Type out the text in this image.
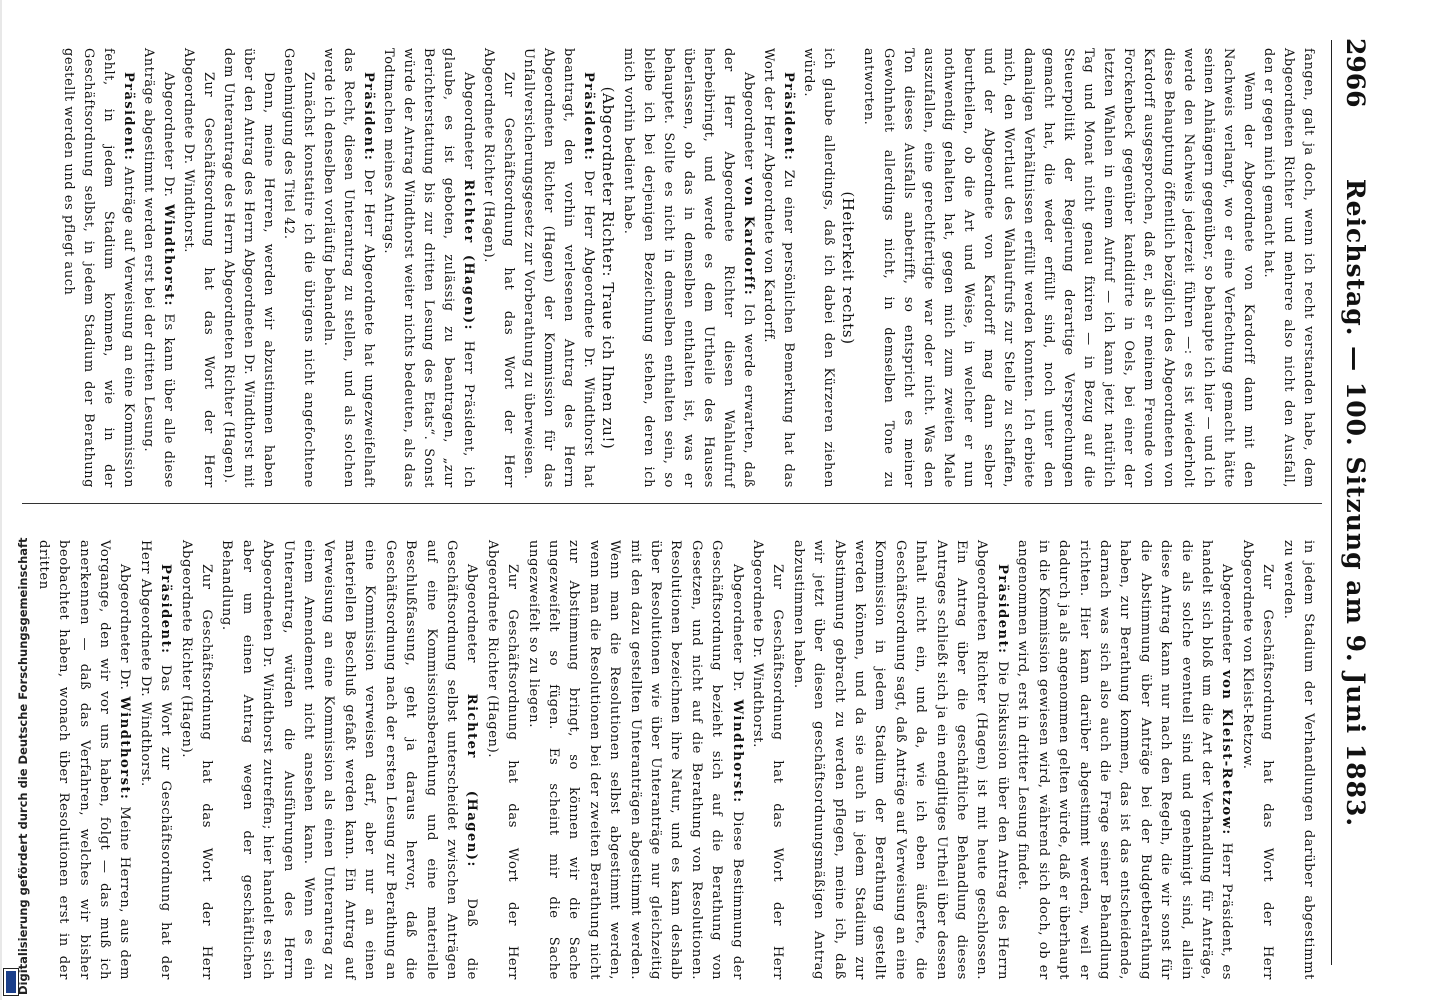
2966
Reichstag. — 100. Sitzung am 9. Juni 1883.

fangen, galt ja doch, wenn ich recht verstanden habe, dem Abgeordneten Richter und mehrere also nicht den Ausfall, den er gegen mich gemacht hat.

Wenn der Abgeordnete von Kardorff dann mit den Nachweis verlangt, wo er eine Verfechtung gemacht hätte seinen Anhängern gegenüber, so behaupte ich hier — und ich werde den Nachweis jederzeit führen —: es ist wiederholt diese Behauptung öffentlich bezüglich des Abgeordneten von Kardorff ausgesprochen, daß er, als er meinem Freunde von Forckenbeck gegenüber kandidirte in Oels, bei einer der letzten Wahlen in einem Aufruf — ich kann jetzt natürlich Tag und Monat nicht genau fixiren — in Bezug auf die Steuerpolitik der Regierung derartige Versprechungen gemacht hat, die weder erfüllt sind, noch unter den damaligen Verhältnissen erfüllt werden konnten. Ich erbiete mich, den Wortlaut des Wahlaufrufs zur Stelle zu schaffen, und der Abgeordnete von Kardorff mag dann selber beurtheilen, ob die Art und Weise, in welcher er nun nothwendig gehalten hat, gegen mich zum zweiten Male auszufallen, eine gerechtfertigte war oder nicht. Was den Ton dieses Ausfalls anbetrifft, so entspricht es meiner Gewohnheit allerdings nicht, in demselben Tone zu antworten.

(Heiterkeit rechts)

ich glaube allerdings, daß ich dabei den Kürzeren ziehen würde.

Präsident: Zu einer persönlichen Bemerkung hat das Wort der Herr Abgeordnete von Kardorff.

Abgeordneter von Kardorff: Ich werde erwarten, daß der Herr Abgeordnete Richter diesen Wahlaufruf herbeibringt, und werde es dem Urtheile des Hauses überlassen, ob das in demselben enthalten ist, was er behauptet. Sollte es nicht in demselben enthalten sein, so bleibe ich bei derjenigen Bezeichnung stehen, deren ich mich vorhin bedient habe.

(Abgeordneter Richter: Traue ich Ihnen zu!)

Präsident: Der Herr Abgeordnete Dr. Windthorst hat beantragt, den vorhin verlesenen Antrag des Herrn Abgeordneten Richter (Hagen) der Kommission für das Unfallversicherungsgesetz zur Vorberathung zu überweisen.

Zur Geschäftsordnung hat das Wort der Herr Abgeordnete Richter (Hagen).

Abgeordneter Richter (Hagen): Herr Präsident, ich glaube, es ist geboten, zulässig zu beantragen, „zur Berichterstattung bis zur dritten Lesung des Etats“. Sonst würde der Antrag Windthorst weiter nichts bedeuten, als das Todtmachen meines Antrags.

Präsident: Der Herr Abgeordnete hat ungezweifelhaft das Recht, diesen Unterantrag zu stellen, und als solchen werde ich denselben vorläufig behandeln.

Zunächst konstatire ich die übrigens nicht angefochtene Genehmigung des Titel 42.

Denn, meine Herren, werden wir abzustimmen haben über den Antrag des Herrn Abgeordneten Dr. Windthorst mit dem Unterantrage des Herrn Abgeordneten Richter (Hagen).

Zur Geschäftsordnung hat das Wort der Herr Abgeordnete Dr. Windthorst.

Abgeordneter Dr. Windthorst: Es kann über alle diese Anträge abgestimmt werden erst bei der dritten Lesung.

Präsident: Anträge auf Verweisung an eine Kommission fehlt, in jedem Stadium kommen, wie in der Geschäftsordnung selbst, in jedem Stadium der Berathung gestellt werden und es pflegt auch

in jedem Stadium der Verhandlungen darüber abgestimmt zu werden.

Zur Geschäftsordnung hat das Wort der Herr Abgeordnete von Kleist-Retzow.

Abgeordneter von Kleist-Retzow: Herr Präsident, es handelt sich bloß um die Art der Verhandlung für Anträge, die als solche eventuell sind und genehmigt sind, allein diese Antrag kann nur nach den Regeln, die wir sonst für die Abstimmung über Anträge bei der Budgetberathung haben, zur Berathung kommen, das ist das entscheidende, darnach was sich also auch die Frage seiner Behandlung richten. Hier kann darüber abgestimmt werden, weil er dadurch ja als angenommen gelten würde, daß er überhaupt in die Kommission gewiesen wird, während sich doch, ob er angenommen wird, erst in dritter Lesung findet.

Präsident: Die Diskussion über den Antrag des Herrn Abgeordneten Richter (Hagen) ist mit heute geschlossen. Ein Antrag über die geschäftliche Behandlung dieses Antrages schließt sich ja ein endgiltiges Urtheil über dessen Inhalt nicht ein, und da, wie ich eben äußerte, die Geschäftsordnung sagt, daß Anträge auf Verweisung an eine Kommission in jedem Stadium der Berathung gestellt werden können, und da sie auch in jedem Stadium zur Abstimmung gebracht zu werden pflegen, meine ich, daß wir jetzt über diesen geschäftsordnungsmäßigen Antrag abzustimmen haben.

Zur Geschäftsordnung hat das Wort der Herr Abgeordnete Dr. Windthorst.

Abgeordneter Dr. Windthorst: Diese Bestimmung der Geschäftsordnung bezieht sich auf die Berathung von Gesetzen, und nicht auf die Berathung von Resolutionen. Resolutionen bezeichnen ihre Natur, und es kann deshalb über Resolutionen wie über Unteranträge nur gleichzeitig mit den dazu gestellten Unteranträgen abgestimmt werden. Wenn man die Resolutionen selbst abgestimmt werden, wenn man die Resolutionen bei der zweiten Berathung nicht zur Abstimmung bringt, so können wir die Sache ungezweifelt so fügen. Es scheint mir die Sache ungezweifelt so zu liegen.

Zur Geschäftsordnung hat das Wort der Herr Abgeordnete Richter (Hagen).

Abgeordneter Richter (Hagen): Daß die Geschäftsordnung selbst unterscheidet zwischen Anträgen auf eine Kommissionsberathung und eine materielle Beschlußfassung, geht ja daraus hervor, daß die Geschäftsordnung nach der ersten Lesung zur Berathung an eine Kommission verweisen darf, aber nur an einen materiellen Beschluß gefaßt werden kann. Ein Antrag auf Verweisung an eine Kommission als einen Unterantrag zu einem Amendement nicht ansehen kann. Wenn es ein Unterantrag, würden die Ausführungen des Herrn Abgeordneten Dr. Windthorst zutreffen; hier handelt es sich aber um einen Antrag wegen der geschäftlichen Behandlung.

Zur Geschäftsordnung hat das Wort der Herr Abgeordnete Richter (Hagen).

Präsident: Das Wort zur Geschäftsordnung hat der Herr Abgeordnete Dr. Windthorst.

Abgeordneter Dr. Windthorst: Meine Herren, aus dem Vorgange, den wir vor uns haben, folgt — das muß ich anerkennen — daß das Verfahren, welches wir bisher beobachtet haben, wonach über Resolutionen erst in der dritten

Digitalisierung gefördert durch die Deutsche Forschungsgemeinschaft
